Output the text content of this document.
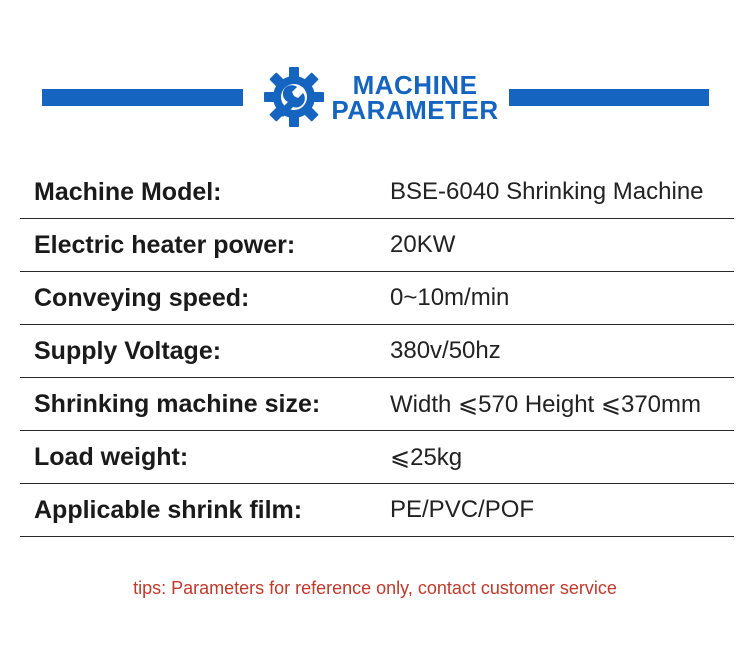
MACHINE
PARAMETER
Machine Model:	BSE-6040 Shrinking Machine
Electric heater power:	20KW
Conveying speed:	0~10m/min
Supply Voltage:	380v/50hz
Shrinking machine size:	Width ⩽570 Height ⩽370mm
Load weight:	⩽25kg
Applicable shrink film:	PE/PVC/POF
tips: Parameters for reference only, contact customer service
